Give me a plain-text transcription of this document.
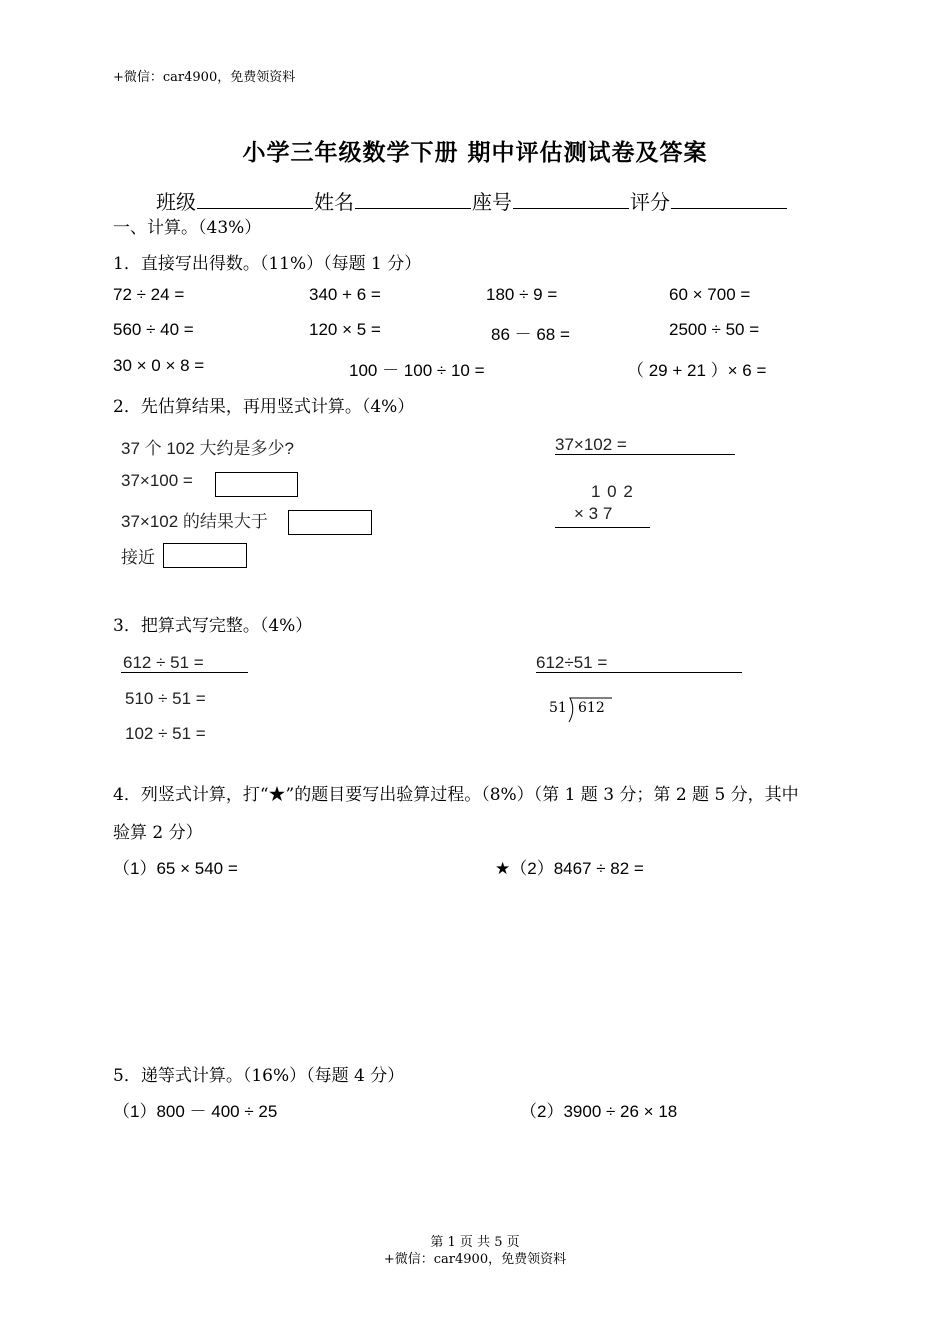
+微信：car4900，免费领资料
小学三年级数学下册 期中评估测试卷及答案
班级	姓名	座号	评分
一、计算。（43%）
1．直接写出得数。（11%）（每题 1 分）
72 ÷ 24 =	340 + 6 =	180 ÷ 9 =	60 × 700 =
560 ÷ 40 =	120 × 5 =	86 － 68 =	2500 ÷ 50 =
30 × 0 × 8 =	100 － 100 ÷ 10 =	（ 29 + 21 ）× 6 =
2．先估算结果，再用竖式计算。（4%）
37 个 102 大约是多少?
37×100 =
37×102 的结果大于
接近
37×102 =
1 0 2
× 3 7
3．把算式写完整。（4%）
612 ÷ 51 =
510 ÷ 51 =
102 ÷ 51 =
612÷51 =
51 612
4．列竖式计算，打“★”的题目要写出验算过程。（8%）（第 1 题 3 分；第 2 题 5 分，其中
验算 2 分）
（1）65 × 540 =	★（2）8467 ÷ 82 =
5．递等式计算。（16%）（每题 4 分）
（1）800 － 400 ÷ 25	（2）3900 ÷ 26 × 18
第 1 页 共 5 页
+微信：car4900，免费领资料
